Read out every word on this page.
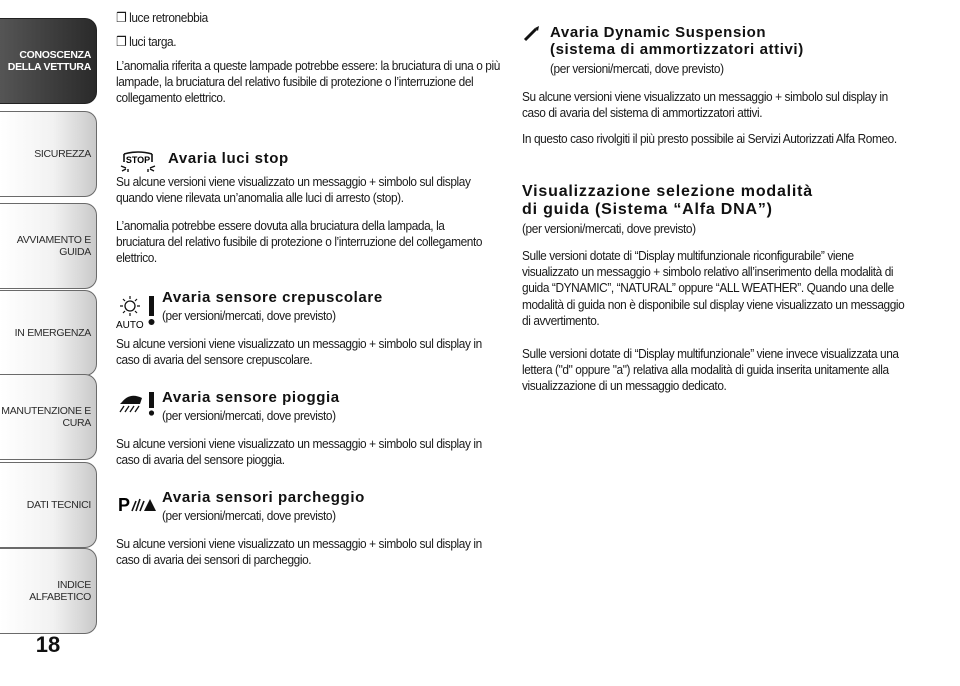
CONOSCENZA DELLA VETTURA
SICUREZZA
AVVIAMENTO E GUIDA
IN EMERGENZA
MANUTENZIONE E CURA
DATI TECNICI
INDICE ALFABETICO
18
❒ luce retronebbia
❒ luci targa.
L’anomalia riferita a queste lampade potrebbe essere: la bruciatura di una o più lampade, la bruciatura del relativo fusibile di protezione o l’interruzione del collegamento elettrico.
STOP Avaria luci stop
Su alcune versioni viene visualizzato un messaggio + simbolo sul display quando viene rilevata un’anomalia alle luci di arresto (stop).
L’anomalia potrebbe essere dovuta alla bruciatura della lampada, la bruciatura del relativo fusibile di protezione o l’interruzione del collegamento elettrico.
AUTO
Avaria sensore crepuscolare
(per versioni/mercati, dove previsto)
Su alcune versioni viene visualizzato un messaggio + simbolo sul display in caso di avaria del sensore crepuscolare.
Avaria sensore pioggia
(per versioni/mercati, dove previsto)
Su alcune versioni viene visualizzato un messaggio + simbolo sul display in caso di avaria del sensore pioggia.
P Avaria sensori parcheggio
(per versioni/mercati, dove previsto)
Su alcune versioni viene visualizzato un messaggio + simbolo sul display in caso di avaria dei sensori di parcheggio.
Avaria Dynamic Suspension
(sistema di ammortizzatori attivi)
(per versioni/mercati, dove previsto)
Su alcune versioni viene visualizzato un messaggio + simbolo sul display in caso di avaria del sistema di ammortizzatori attivi.
In questo caso rivolgiti il più presto possibile ai Servizi Autorizzati Alfa Romeo.
Visualizzazione selezione modalità
di guida (Sistema “Alfa DNA”)
(per versioni/mercati, dove previsto)
Sulle versioni dotate di “Display multifunzionale riconfigurabile” viene visualizzato un messaggio + simbolo relativo all’inserimento della modalità di guida “DYNAMIC”, “NATURAL” oppure “ALL WEATHER”. Quando una delle modalità di guida non è disponibile sul display viene visualizzato un messaggio di avvertimento.
Sulle versioni dotate di “Display multifunzionale” viene invece visualizzata una lettera ("d" oppure "a") relativa alla modalità di guida inserita unitamente alla visualizzazione di un messaggio dedicato.
